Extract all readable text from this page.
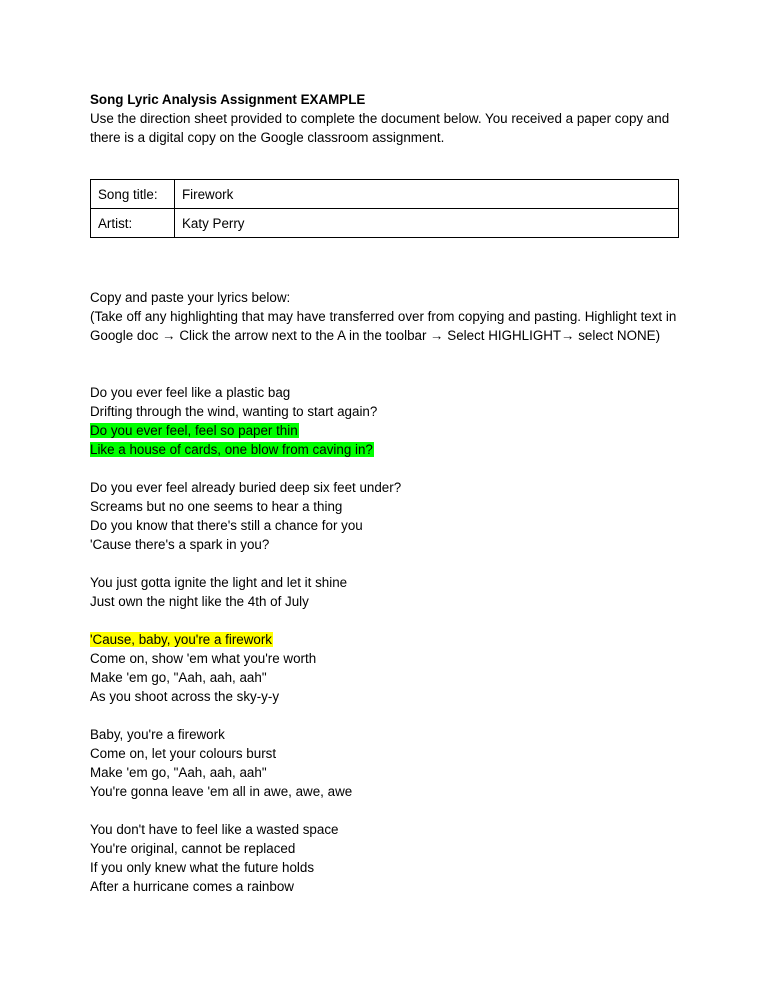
Song Lyric Analysis Assignment EXAMPLE

Use the direction sheet provided to complete the document below. You received a paper copy and there is a digital copy on the Google classroom assignment.

Song title:	Firework
Artist:	Katy Perry

Copy and paste your lyrics below:

(Take off any highlighting that may have transferred over from copying and pasting. Highlight text in Google doc → Click the arrow next to the A in the toolbar → Select HIGHLIGHT→ select NONE)

Do you ever feel like a plastic bag
Drifting through the wind, wanting to start again?
Do you ever feel, feel so paper thin
Like a house of cards, one blow from caving in?
Do you ever feel already buried deep six feet under?
Screams but no one seems to hear a thing
Do you know that there's still a chance for you
'Cause there's a spark in you?
You just gotta ignite the light and let it shine
Just own the night like the 4th of July
'Cause, baby, you're a firework
Come on, show 'em what you're worth
Make 'em go, "Aah, aah, aah"
As you shoot across the sky-y-y
Baby, you're a firework
Come on, let your colours burst
Make 'em go, "Aah, aah, aah"
You're gonna leave 'em all in awe, awe, awe
You don't have to feel like a wasted space
You're original, cannot be replaced
If you only knew what the future holds
After a hurricane comes a rainbow
